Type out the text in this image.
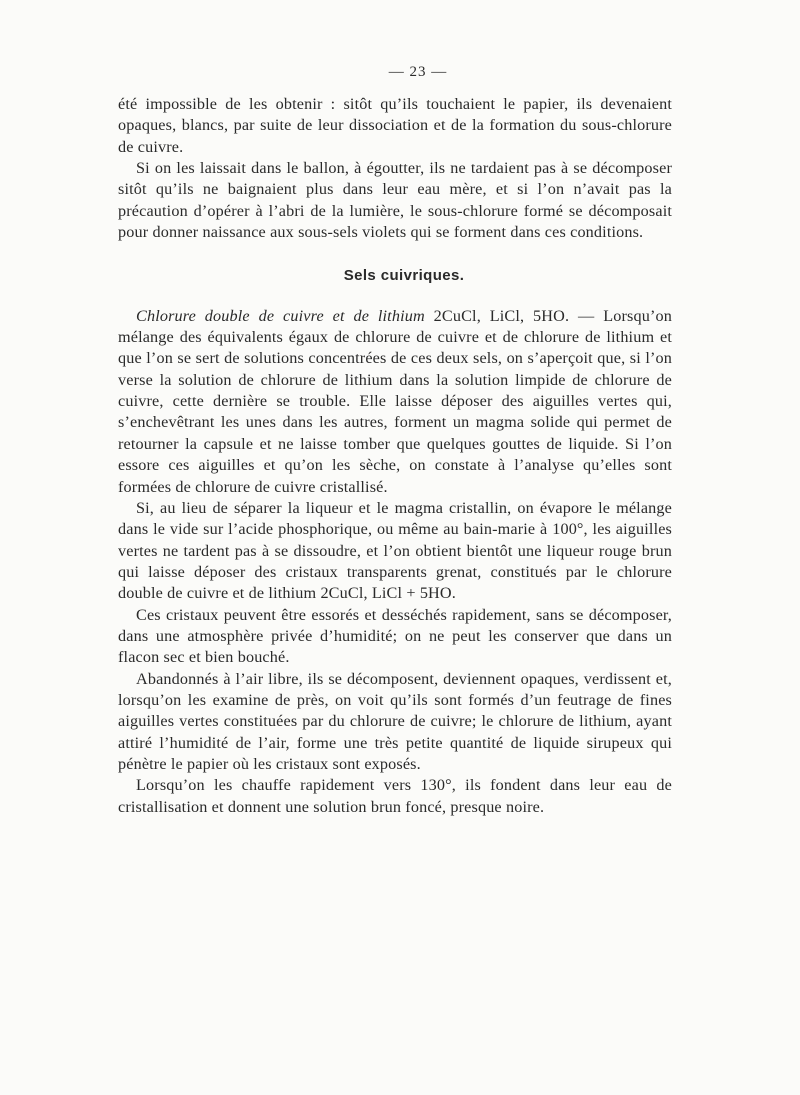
— 23 —

été impossible de les obtenir : sitôt qu’ils touchaient le papier, ils devenaient opaques, blancs, par suite de leur dissociation et de la formation du sous-chlorure de cuivre.

Si on les laissait dans le ballon, à égoutter, ils ne tardaient pas à se décomposer sitôt qu’ils ne baignaient plus dans leur eau mère, et si l’on n’avait pas la précaution d’opérer à l’abri de la lumière, le sous-chlorure formé se décomposait pour donner naissance aux sous-sels violets qui se forment dans ces conditions.

Sels cuivriques.

Chlorure double de cuivre et de lithium 2CuCl, LiCl, 5HO. — Lorsqu’on mélange des équivalents égaux de chlorure de cuivre et de chlorure de lithium et que l’on se sert de solutions concentrées de ces deux sels, on s’aperçoit que, si l’on verse la solution de chlorure de lithium dans la solution limpide de chlorure de cuivre, cette dernière se trouble. Elle laisse déposer des aiguilles vertes qui, s’enchevêtrant les unes dans les autres, forment un magma solide qui permet de retourner la capsule et ne laisse tomber que quelques gouttes de liquide. Si l’on essore ces aiguilles et qu’on les sèche, on constate à l’analyse qu’elles sont formées de chlorure de cuivre cristallisé.

Si, au lieu de séparer la liqueur et le magma cristallin, on évapore le mélange dans le vide sur l’acide phosphorique, ou même au bain-marie à 100°, les aiguilles vertes ne tardent pas à se dissoudre, et l’on obtient bientôt une liqueur rouge brun qui laisse déposer des cristaux transparents grenat, constitués par le chlorure double de cuivre et de lithium 2CuCl, LiCl + 5HO.

Ces cristaux peuvent être essorés et desséchés rapidement, sans se décomposer, dans une atmosphère privée d’humidité; on ne peut les conserver que dans un flacon sec et bien bouché.

Abandonnés à l’air libre, ils se décomposent, deviennent opaques, verdissent et, lorsqu’on les examine de près, on voit qu’ils sont formés d’un feutrage de fines aiguilles vertes constituées par du chlorure de cuivre; le chlorure de lithium, ayant attiré l’humidité de l’air, forme une très petite quantité de liquide sirupeux qui pénètre le papier où les cristaux sont exposés.

Lorsqu’on les chauffe rapidement vers 130°, ils fondent dans leur eau de cristallisation et donnent une solution brun foncé, presque noire.
